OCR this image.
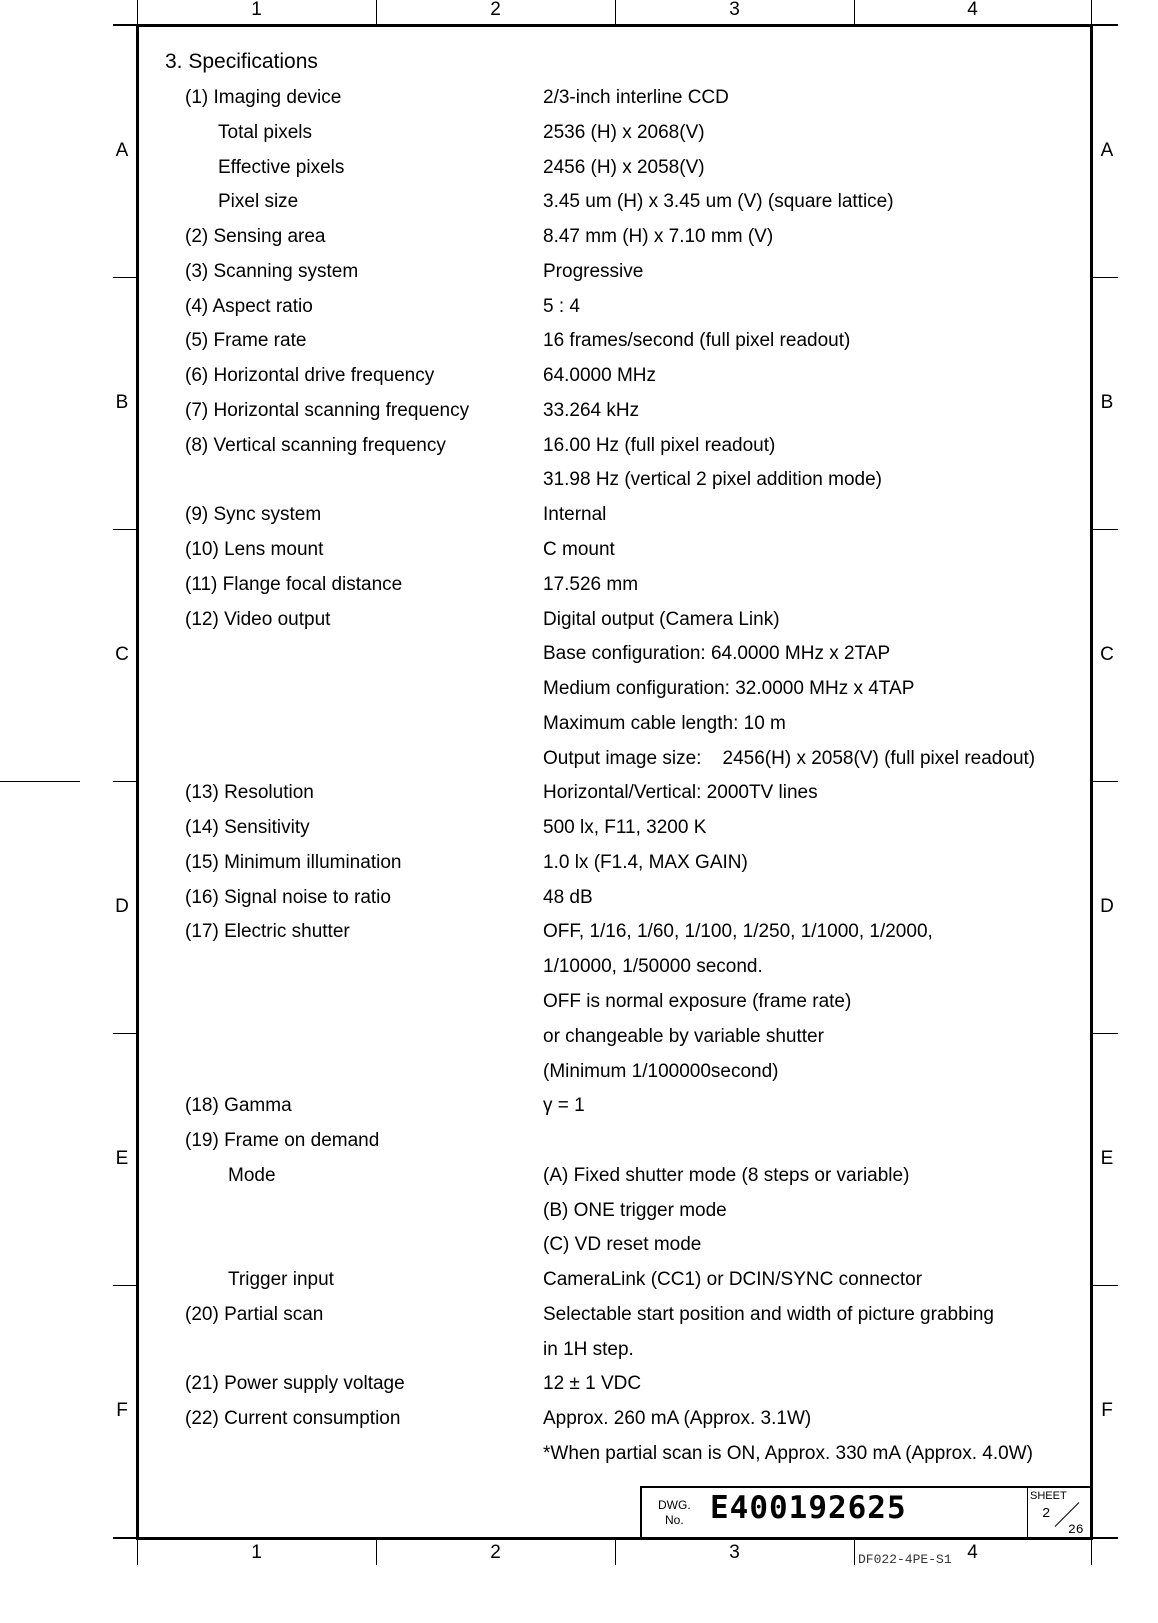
3. Specifications
DWG.
No. E400192625	SHEET
2
26
DF022-4PE-S1
1
1
2
2
3
3
4
4
A	A
B	B
C	C
D	D
E	E
F	F
(1) Imaging device	2/3-inch interline CCD
Total pixels	2536 (H) x 2068(V)
Effective pixels	2456 (H) x 2058(V)
Pixel size	3.45 um (H) x 3.45 um (V) (square lattice)
(2) Sensing area	8.47 mm (H) x 7.10 mm (V)
(3) Scanning system	Progressive
(4) Aspect ratio	5 : 4
(5) Frame rate	16 frames/second (full pixel readout)
(6) Horizontal drive frequency	64.0000 MHz
(7) Horizontal scanning frequency	33.264 kHz
(8) Vertical scanning frequency	16.00 Hz (full pixel readout)
31.98 Hz (vertical 2 pixel addition mode)
(9) Sync system	Internal
(10) Lens mount	C mount
(11) Flange focal distance	17.526 mm
(12) Video output	Digital output (Camera Link)
Base configuration: 64.0000 MHz x 2TAP
Medium configuration: 32.0000 MHz x 4TAP
Maximum cable length: 10 m
Output image size:    2456(H) x 2058(V) (full pixel readout)
(13) Resolution	Horizontal/Vertical: 2000TV lines
(14) Sensitivity	500 lx, F11, 3200 K
(15) Minimum illumination	1.0 lx (F1.4, MAX GAIN)
(16) Signal noise to ratio	48 dB
(17) Electric shutter	OFF, 1/16, 1/60, 1/100, 1/250, 1/1000, 1/2000,
1/10000, 1/50000 second.
OFF is normal exposure (frame rate)
or changeable by variable shutter
(Minimum 1/100000second)
(18) Gamma	γ = 1
(19) Frame on demand
Mode	(A) Fixed shutter mode (8 steps or variable)
(B) ONE trigger mode
(C) VD reset mode
Trigger input	CameraLink (CC1) or DCIN/SYNC connector
(20) Partial scan	Selectable start position and width of picture grabbing
in 1H step.
(21) Power supply voltage	12 ± 1 VDC
(22) Current consumption	Approx. 260 mA (Approx. 3.1W)
*When partial scan is ON, Approx. 330 mA (Approx. 4.0W)
